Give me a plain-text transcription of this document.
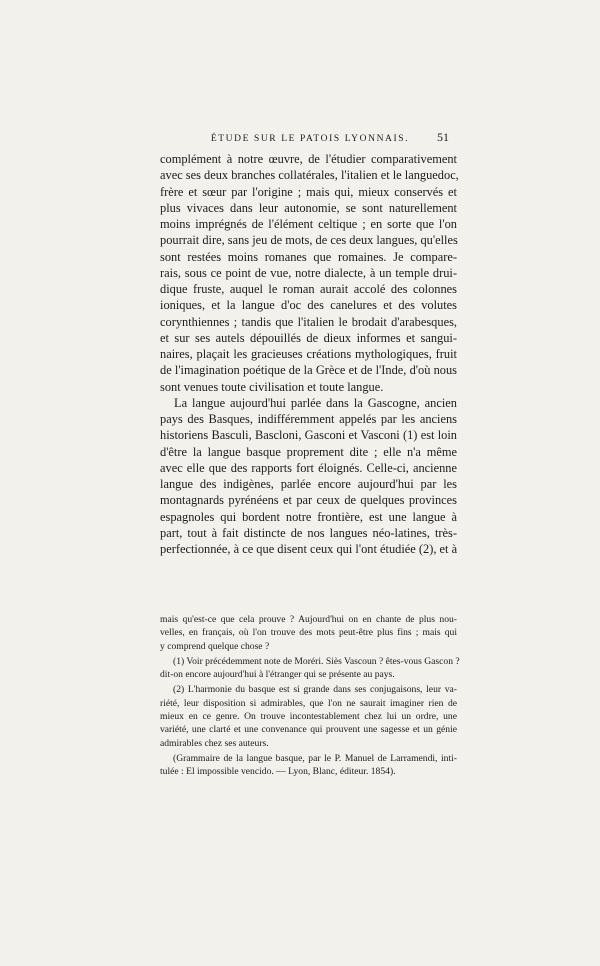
ÉTUDE SUR LE PATOIS LYONNAIS.	51
complément à notre œuvre, de l'étudier comparativement
avec ses deux branches collatérales, l'italien et le languedoc,
frère et sœur par l'origine ; mais qui, mieux conservés et
plus vivaces dans leur autonomie, se sont naturellement
moins imprégnés de l'élément celtique ; en sorte que l'on
pourrait dire, sans jeu de mots, de ces deux langues, qu'elles
sont restées moins romanes que romaines. Je compare-
rais, sous ce point de vue, notre dialecte, à un temple drui-
dique fruste, auquel le roman aurait accolé des colonnes
ioniques, et la langue d'oc des canelures et des volutes
corynthiennes ; tandis que l'italien le brodait d'arabesques,
et sur ses autels dépouillés de dieux informes et sangui-
naires, plaçait les gracieuses créations mythologiques, fruit
de l'imagination poétique de la Grèce et de l'Inde, d'où nous
sont venues toute civilisation et toute langue.
La langue aujourd'hui parlée dans la Gascogne, ancien
pays des Basques, indifféremment appelés par les anciens
historiens Basculi, Bascloni, Gasconi et Vasconi (1) est loin
d'être la langue basque proprement dite ; elle n'a même
avec elle que des rapports fort éloignés. Celle-ci, ancienne
langue des indigènes, parlée encore aujourd'hui par les
montagnards pyrénéens et par ceux de quelques provinces
espagnoles qui bordent notre frontière, est une langue à
part, tout à fait distincte de nos langues néo-latines, très-
perfectionnée, à ce que disent ceux qui l'ont étudiée (2), et à
mais qu'est-ce que cela prouve ? Aujourd'hui on en chante de plus nou-
velles, en français, où l'on trouve des mots peut-être plus fins ; mais qui
y comprend quelque chose ?
(1) Voir précédemment note de Moréri. Siès Vascoun ? êtes-vous Gascon ?
dit-on encore aujourd'hui à l'étranger qui se présente au pays.
(2) L'harmonie du basque est si grande dans ses conjugaisons, leur va-
riété, leur disposition si admirables, que l'on ne saurait imaginer rien de
mieux en ce genre. On trouve incontestablement chez lui un ordre, une
variété, une clarté et une convenance qui prouvent une sagesse et un génie
admirables chez ses auteurs.
(Grammaire de la langue basque, par le P. Manuel de Larramendi, inti-
tulée : El impossible vencido. — Lyon, Blanc, éditeur. 1854).
